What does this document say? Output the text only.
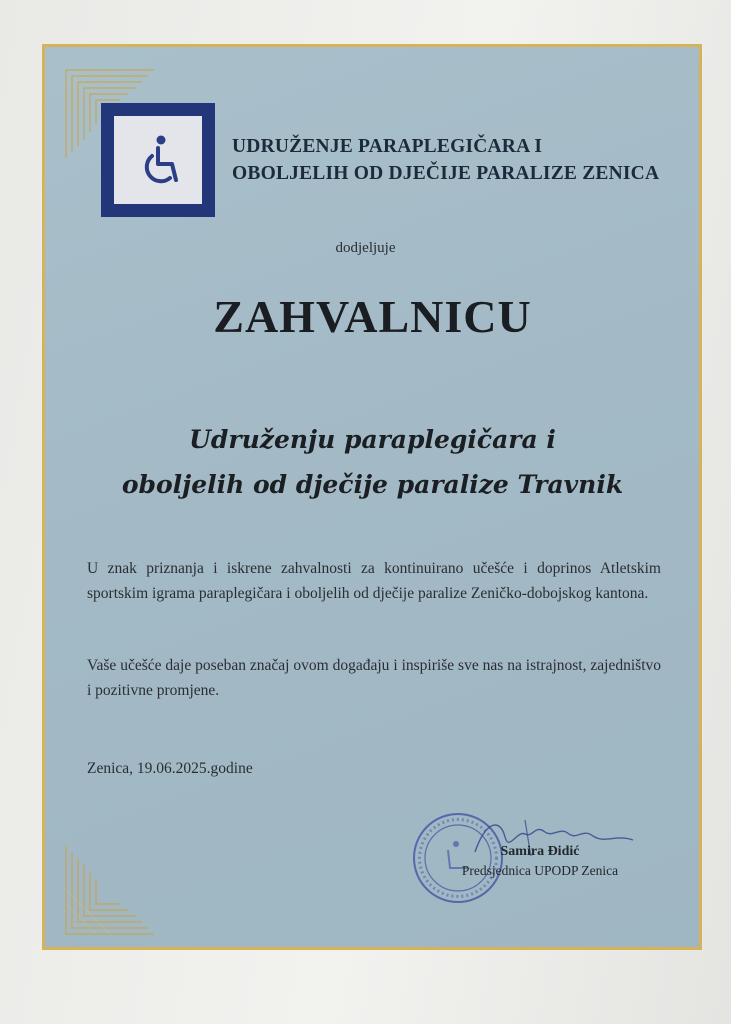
UDRUŽENJE PARAPLEGIČARA I
OBOLJELIH OD DJEČIJE PARALIZE ZENICA
dodjeljuje
ZAHVALNICU
Udruženju paraplegičara i
oboljelih od dječije paralize Travnik
U znak priznanja i iskrene zahvalnosti za kontinuirano učešće i doprinos Atletskim sportskim igrama paraplegičara i oboljelih od dječije paralize Zeničko-dobojskog kantona.
Vaše učešće daje poseban značaj ovom događaju i inspiriše sve nas na istrajnost, zajedništvo i pozitivne promjene.
Zenica, 19.06.2025.godine
Samira Đidić
Predsjednica UPODP Zenica
